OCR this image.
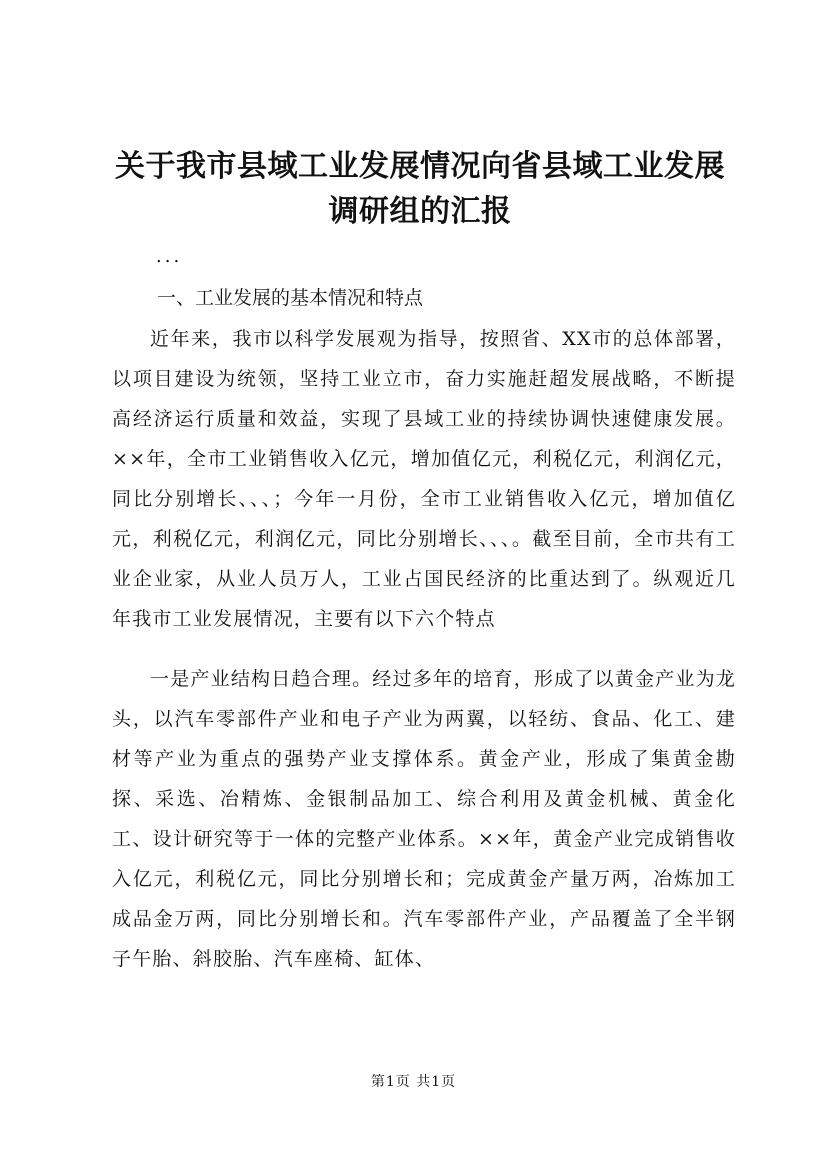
关于我市县域工业发展情况向省县域工业发展
调研组的汇报
...
一、工业发展的基本情况和特点

近年来，我市以科学发展观为指导，按照省、XX市的总体部署，以项目建设为统领，坚持工业立市，奋力实施赶超发展战略，不断提高经济运行质量和效益，实现了县域工业的持续协调快速健康发展。××年，全市工业销售收入亿元，增加值亿元，利税亿元，利润亿元，同比分别增长、、、；今年一月份，全市工业销售收入亿元，增加值亿元，利税亿元，利润亿元，同比分别增长、、、。截至目前，全市共有工业企业家，从业人员万人，工业占国民经济的比重达到了。纵观近几年我市工业发展情况，主要有以下六个特点

一是产业结构日趋合理。经过多年的培育，形成了以黄金产业为龙头，以汽车零部件产业和电子产业为两翼，以轻纺、食品、化工、建材等产业为重点的强势产业支撑体系。黄金产业，形成了集黄金勘探、采选、冶精炼、金银制品加工、综合利用及黄金机械、黄金化工、设计研究等于一体的完整产业体系。××年，黄金产业完成销售收入亿元，利税亿元，同比分别增长和；完成黄金产量万两，冶炼加工成品金万两，同比分别增长和。汽车零部件产业，产品覆盖了全半钢子午胎、斜胶胎、汽车座椅、缸体、

第1页 共1页
